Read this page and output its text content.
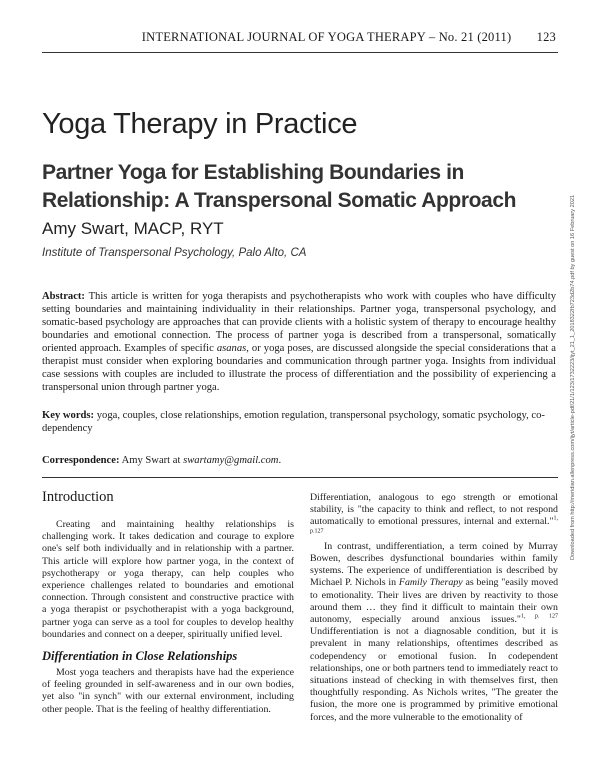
INTERNATIONAL JOURNAL OF YOGA THERAPY – No. 21 (2011) 123
Yoga Therapy in Practice
Partner Yoga for Establishing Boundaries in Relationship: A Transpersonal Somatic Approach
Amy Swart, MACP, RYT
Institute of Transpersonal Psychology, Palo Alto, CA	Downloaded from http://meridian.allenpress.com/ijyt/article-pdf/21/1/123/1732223/ijyt_21_1_2018322fb723d2b74.pdf by guest on 16 February 2021
Abstract: This article is written for yoga therapists and psychotherapists who work with couples who have difficulty setting boundaries and maintaining individuality in their relationships. Partner yoga, transpersonal psychology, and somatic-based psychology are approaches that can provide clients with a holistic system of therapy to encourage healthy boundaries and emotional connection. The process of partner yoga is described from a transpersonal, somatically oriented approach. Examples of specific asanas, or yoga poses, are discussed alongside the special considerations that a therapist must consider when exploring boundaries and communication through partner yoga. Insights from individual case sessions with couples are included to illustrate the process of differentiation and the possibility of experiencing a transpersonal union through partner yoga.
Key words: yoga, couples, close relationships, emotion regulation, transpersonal psychology, somatic psychology, co-dependency
Correspondence: Amy Swart at swartamy@gmail.com.
Introduction

Creating and maintaining healthy relationships is challenging work. It takes dedication and courage to explore one's self both individually and in relationship with a partner. This article will explore how partner yoga, in the context of psychotherapy or yoga therapy, can help couples who experience challenges related to boundaries and emotional connection. Through consistent and constructive practice with a yoga therapist or psychotherapist with a yoga background, partner yoga can serve as a tool for couples to develop healthy boundaries and connect on a deeper, spiritually unified level.

Differentiation in Close Relationships

Most yoga teachers and therapists have had the experience of feeling grounded in self-awareness and in our own bodies, yet also "in synch" with our external environment, including other people. That is the feeling of healthy differentiation.

Differentiation, analogous to ego strength or emotional stability, is "the capacity to think and reflect, to not respond automatically to emotional pressures, internal and external."$^{1, p.127}$

In contrast, undifferentiation, a term coined by Murray Bowen, describes dysfunctional boundaries within family systems. The experience of undifferentiation is described by Michael P. Nichols in Family Therapy as being "easily moved to emotionality. Their lives are driven by reactivity to those around them … they find it difficult to maintain their own autonomy, especially around anxious issues."$^{1, p. 127}$ Undifferentiation is not a diagnosable condition, but it is prevalent in many relationships, oftentimes described as codependency or emotional fusion. In codependent relationships, one or both partners tend to immediately react to situations instead of checking in with themselves first, then thoughtfully responding. As Nichols writes, "The greater the fusion, the more one is programmed by primitive emotional forces, and the more vulnerable to the emotionality of
